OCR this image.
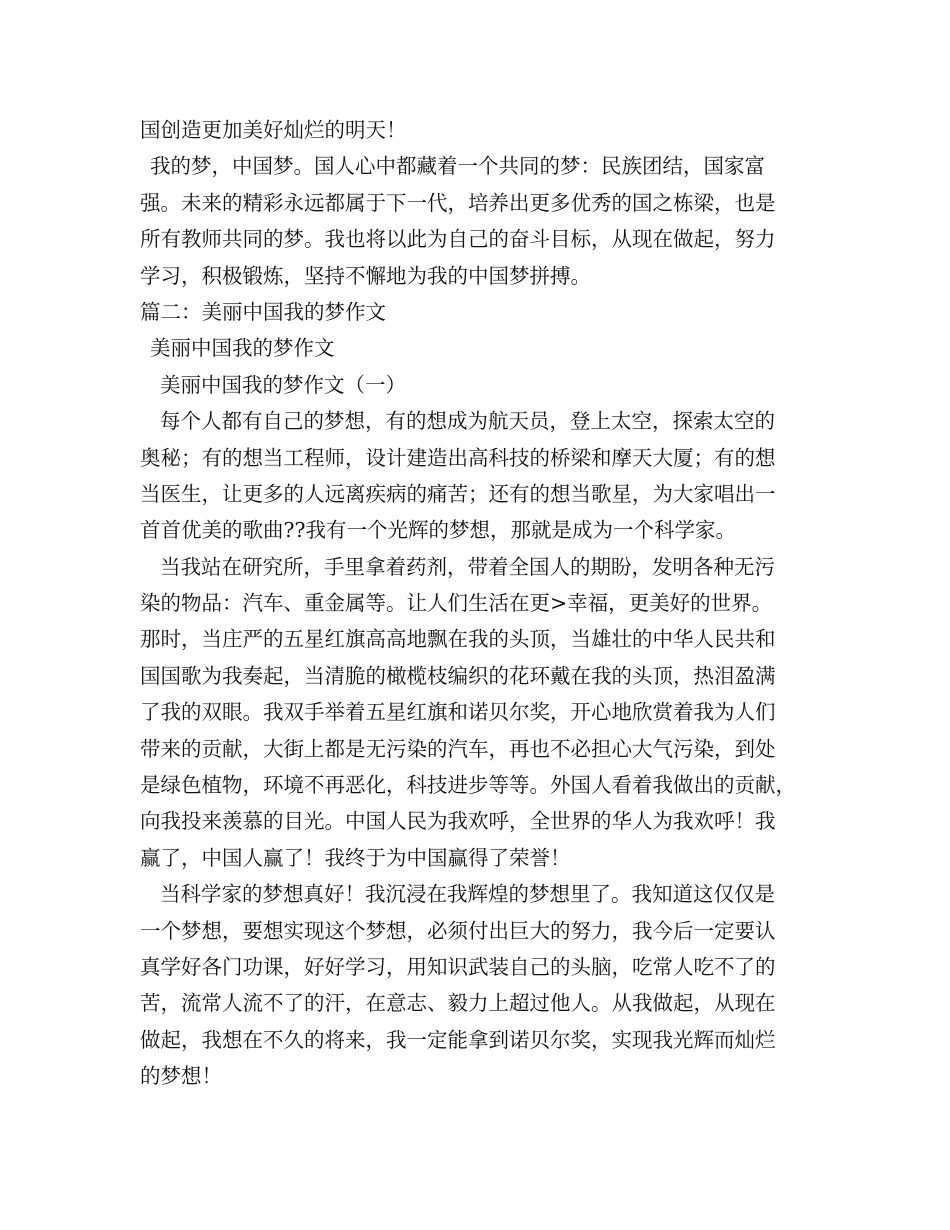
国创造更加美好灿烂的明天！
我的梦，中国梦。国人心中都藏着一个共同的梦：民族团结，国家富
强。未来的精彩永远都属于下一代，培养出更多优秀的国之栋梁，也是
所有教师共同的梦。我也将以此为自己的奋斗目标，从现在做起，努力
学习，积极锻炼，坚持不懈地为我的中国梦拼搏。
篇二：美丽中国我的梦作文
美丽中国我的梦作文
美丽中国我的梦作文（一）
每个人都有自己的梦想，有的想成为航天员，登上太空，探索太空的
奥秘；有的想当工程师，设计建造出高科技的桥梁和摩天大厦；有的想
当医生，让更多的人远离疾病的痛苦；还有的想当歌星，为大家唱出一
首首优美的歌曲??我有一个光辉的梦想，那就是成为一个科学家。
当我站在研究所，手里拿着药剂，带着全国人的期盼，发明各种无污
染的物品：汽车、重金属等。让人们生活在更>幸福，更美好的世界。
那时，当庄严的五星红旗高高地飘在我的头顶，当雄壮的中华人民共和
国国歌为我奏起，当清脆的橄榄枝编织的花环戴在我的头顶，热泪盈满
了我的双眼。我双手举着五星红旗和诺贝尔奖，开心地欣赏着我为人们
带来的贡献，大街上都是无污染的汽车，再也不必担心大气污染，到处
是绿色植物，环境不再恶化，科技进步等等。外国人看着我做出的贡献，
向我投来羡慕的目光。中国人民为我欢呼，全世界的华人为我欢呼！我
赢了，中国人赢了！我终于为中国赢得了荣誉！
当科学家的梦想真好！我沉浸在我辉煌的梦想里了。我知道这仅仅是
一个梦想，要想实现这个梦想，必须付出巨大的努力，我今后一定要认
真学好各门功课，好好学习，用知识武装自己的头脑，吃常人吃不了的
苦，流常人流不了的汗，在意志、毅力上超过他人。从我做起，从现在
做起，我想在不久的将来，我一定能拿到诺贝尔奖，实现我光辉而灿烂
的梦想！
